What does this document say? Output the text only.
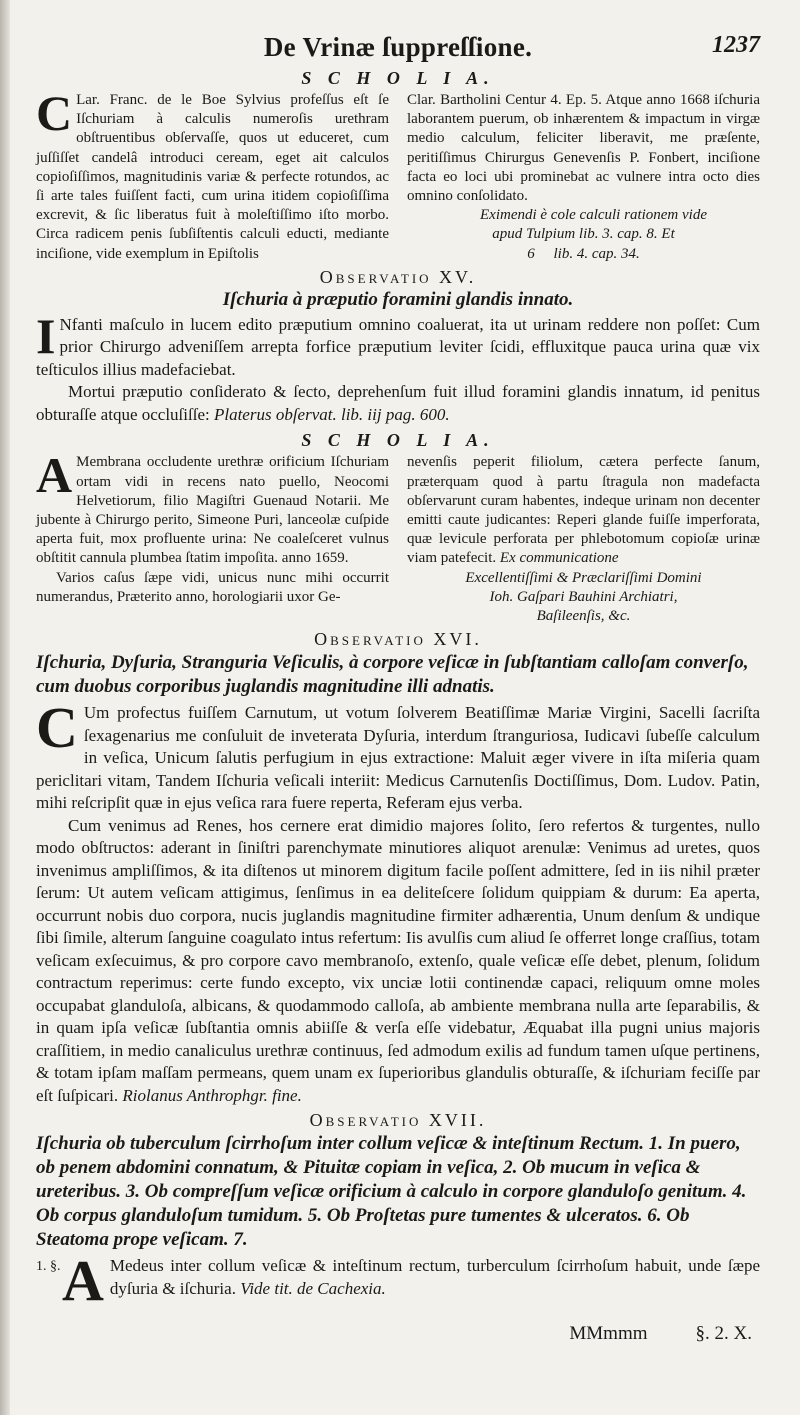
De Vrinæ ſuppreſſione.	1237
S C H O L I A.
C Lar. Franc. de le Boe Sylvius profeſſus eſt ſe Iſchuriam à calculis numeroſis urethram obſtruentibus obſervaſſe, quos ut educeret, cum juſſiſſet candelâ introduci ceream, eget ait calculos copioſiſſimos, magnitudinis variæ & perfecte rotundos, ac ſi arte tales fuiſſent facti, cum urina itidem copioſiſſima excrevit, & ſic liberatus fuit à moleſtiſſimo iſto morbo. Circa radicem penis ſubſiſtentis calculi educti, mediante inciſione, vide exemplum in Epiſtolis
Clar. Bartholini Centur 4. Ep. 5. Atque anno 1668 iſchuria laborantem puerum, ob inhærentem & impactum in virgæ medio calculum, feliciter liberavit, me præſente, peritiſſimus Chirurgus Genevenſis P. Fonbert, inciſione facta eo loci ubi prominebat ac vulnere intra octo dies omnino conſolidato.
Eximendi è cole calculi rationem vide
apud Tulpium lib. 3. cap. 8. Et
6     lib. 4. cap. 34.
Observatio XV.
Iſchuria à præputio foramini glandis innato.

I Nfanti maſculo in lucem edito præputium omnino coaluerat, ita ut urinam reddere non poſſet: Cum prior Chirurgo adveniſſem arrepta forfice præputium leviter ſcidi, effluxitque pauca urina quæ vix teſticulos illius madefaciebat.

Mortui præputio conſiderato & ſecto, deprehenſum fuit illud foramini glandis innatum, id penitus obturaſſe atque occluſiſſe: Platerus obſervat. lib. iij pag. 600.

S C H O L I A.
A Membrana occludente urethræ orificium Iſchuriam ortam vidi in recens nato puello, Neocomi Helvetiorum, filio Magiſtri Guenaud Notarii. Me jubente à Chirurgo perito, Simeone Puri, lanceolæ cuſpide aperta fuit, mox profluente urina: Ne coaleſceret vulnus obſtitit cannula plumbea ſtatim impoſita. anno 1659.
Varios caſus ſæpe vidi, unicus nunc mihi occurrit numerandus, Præterito anno, horologiarii uxor Ge-
nevenſis peperit filiolum, cætera perfecte ſanum, præterquam quod à partu ſtragula non madefacta obſervarunt curam habentes, indeque urinam non decenter emitti caute judicantes: Reperi glande fuiſſe imperforata, quæ levicule perforata per phlebotomum copioſæ urinæ viam patefecit. Ex communicatione
Excellentiſſimi & Præclariſſimi Domini
Ioh. Gaſpari Bauhini Archiatri,
Baſileenſis, &c.
Observatio XVI.
Iſchuria, Dyſuria, Stranguria Veſiculis, à corpore veſicæ in ſubſtantiam calloſam converſo, cum duobus corporibus juglandis magnitudine illi adnatis.

C Um profectus fuiſſem Carnutum, ut votum ſolverem Beatiſſimæ Mariæ Virgini, Sacelli ſacriſta ſexagenarius me conſuluit de inveterata Dyſuria, interdum ſtranguriosa, Iudicavi ſubeſſe calculum in veſica, Unicum ſalutis perfugium in ejus extractione: Maluit æger vivere in iſta miſeria quam periclitari vitam, Tandem Iſchuria veſicali interiit: Medicus Carnutenſis Doctiſſimus, Dom. Ludov. Patin, mihi reſcripſit quæ in ejus veſica rara fuere reperta, Referam ejus verba.

Cum venimus ad Renes, hos cernere erat dimidio majores ſolito, ſero refertos & turgentes, nullo modo obſtructos: aderant in ſiniſtri parenchymate minutiores aliquot arenulæ: Venimus ad uretes, quos invenimus ampliſſimos, & ita diſtenos ut minorem digitum facile poſſent admittere, ſed in iis nihil præter ſerum: Ut autem veſicam attigimus, ſenſimus in ea deliteſcere ſolidum quippiam & durum: Ea aperta, occurrunt nobis duo corpora, nucis juglandis magnitudine firmiter adhærentia, Unum denſum & undique ſibi ſimile, alterum ſanguine coagulato intus refertum: Iis avulſis cum aliud ſe offerret longe craſſius, totam veſicam exſecuimus, & pro corpore cavo membranoſo, extenſo, quale veſicæ eſſe debet, plenum, ſolidum contractum reperimus: certe fundo excepto, vix unciæ lotii continendæ capaci, reliquum omne moles occupabat glanduloſa, albicans, & quodammodo calloſa, ab ambiente membrana nulla arte ſeparabilis, & in quam ipſa veſicæ ſubſtantia omnis abiiſſe & verſa eſſe videbatur, Æquabat illa pugni unius majoris craſſitiem, in medio canaliculus urethræ continuus, ſed admodum exilis ad fundum tamen uſque pertinens, & totam ipſam maſſam permeans, quem unam ex ſuperioribus glandulis obturaſſe, & iſchuriam feciſſe par eſt ſuſpicari. Riolanus Anthrophgr. fine.

Observatio XVII.
Iſchuria ob tuberculum ſcirrhoſum inter collum veſicæ & inteſtinum Rectum. 1. In puero, ob penem abdomini connatum, & Pituitæ copiam in veſica, 2. Ob mucum in veſica & ureteribus. 3. Ob compreſſum veſicæ orificium à calculo in corpore glanduloſo genitum. 4. Ob corpus glanduloſum tumidum. 5. Ob Proſtetas pure tumentes & ulceratos. 6. Ob Steatoma prope veſicam. 7.
1. §. A Medeus inter collum veſicæ & inteſtinum rectum, turberculum ſcirrhoſum habuit, unde ſæpe dyſuria & iſchuria. Vide tit. de Cachexia.

MMmmm	§. 2. X.
